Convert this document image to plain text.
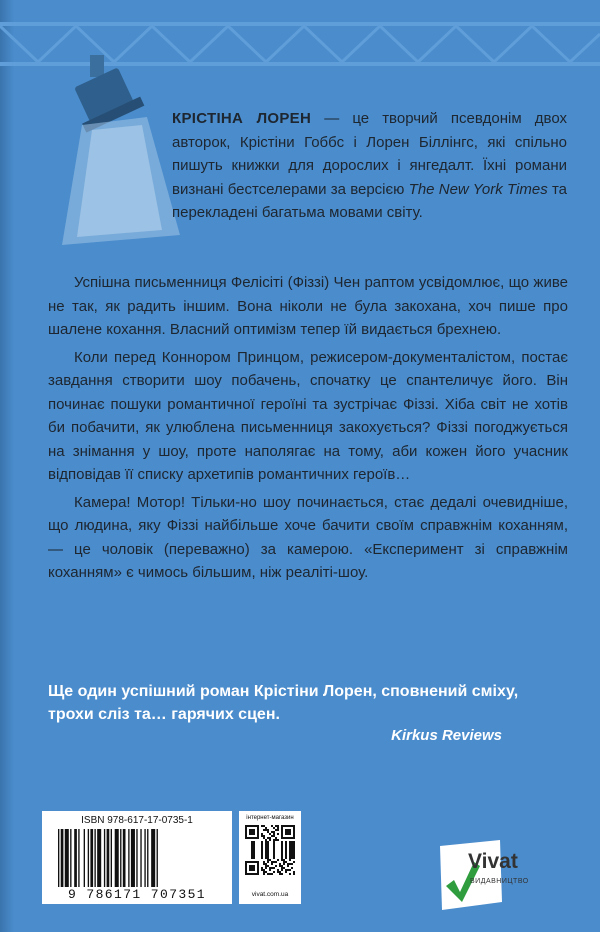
КРІСТІНА ЛОРЕН — це творчий псевдонім двох авторок, Крістіни Гоббс і Лорен Біллінгс, які спільно пишуть книжки для дорослих і янгедалт. Їхні романи визнані бестселерами за версією The New York Times та перекладені багатьма мовами світу.

Успішна письменниця Фелісіті (Фіззі) Чен раптом усвідомлює, що живе не так, як радить іншим. Вона ніколи не була закохана, хоч пише про шалене кохання. Власний оптимізм тепер їй видається брехнею.

Коли перед Коннором Принцом, режисером-документалістом, постає завдання створити шоу побачень, спочатку це спантеличує його. Він починає пошуки романтичної героїні та зустрічає Фіззі. Хіба світ не хотів би побачити, як улюблена письменниця закохується? Фіззі погоджується на знімання у шоу, проте наполягає на тому, аби кожен його учасник відповідав її списку архетипів романтичних героїв…

Камера! Мотор! Тільки-но шоу починається, стає дедалі очевидніше, що людина, яку Фіззі найбільше хоче бачити своїм справжнім коханням, — це чоловік (переважно) за камерою. «Експеримент зі справжнім коханням» є чимось більшим, ніж реаліті-шоу.

Ще один успішний роман Крістіни Лорен, сповнений сміху, трохи сліз та… гарячих сцен.
Kirkus Reviews
ISBN 978-617-17-0735-1
9 786171 707351
інтернет-магазин
vivat.com.ua
Vivat
ВИДАВНИЦТВО
